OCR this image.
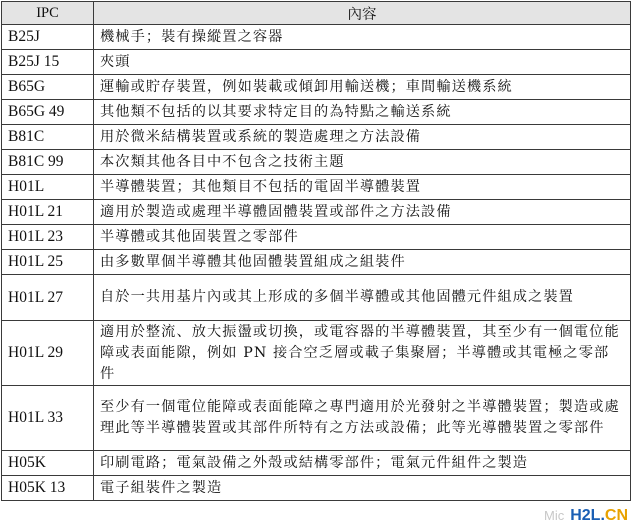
IPC	內容
B25J	機械手；裝有操縱置之容器
B25J 15	夾頭
B65G	運輸或貯存裝置，例如裝載或傾卸用輸送機；車間輸送機系統
B65G 49	其他類不包括的以其要求特定目的為特點之輸送系統
B81C	用於微米結構裝置或系統的製造處理之方法設備
B81C 99	本次類其他各目中不包含之技術主題
H01L	半導體裝置；其他類目不包括的電固半導體裝置
H01L 21	適用於製造或處理半導體固體裝置或部件之方法設備
H01L 23	半導體或其他固裝置之零部件
H01L 25	由多數單個半導體其他固體裝置組成之組裝件
H01L 27	自於一共用基片內或其上形成的多個半導體或其他固體元件組成之裝置
H01L 29	適用於整流、放大振盪或切換，或電容器的半導體裝置，其至少有一個電位能障或表面能隙，例如 PN 接合空乏層或載子集聚層；半導體或其電極之零部件
H01L 33	至少有一個電位能障或表面能障之專門適用於光發射之半導體裝置；製造或處理此等半導體裝置或其部件所特有之方法或設備；此等光導體裝置之零部件
H05K	印刷電路；電氣設備之外殼或結構零部件；電氣元件組件之製造
H05K 13	電子組裝件之製造
Mic H2L.CN
